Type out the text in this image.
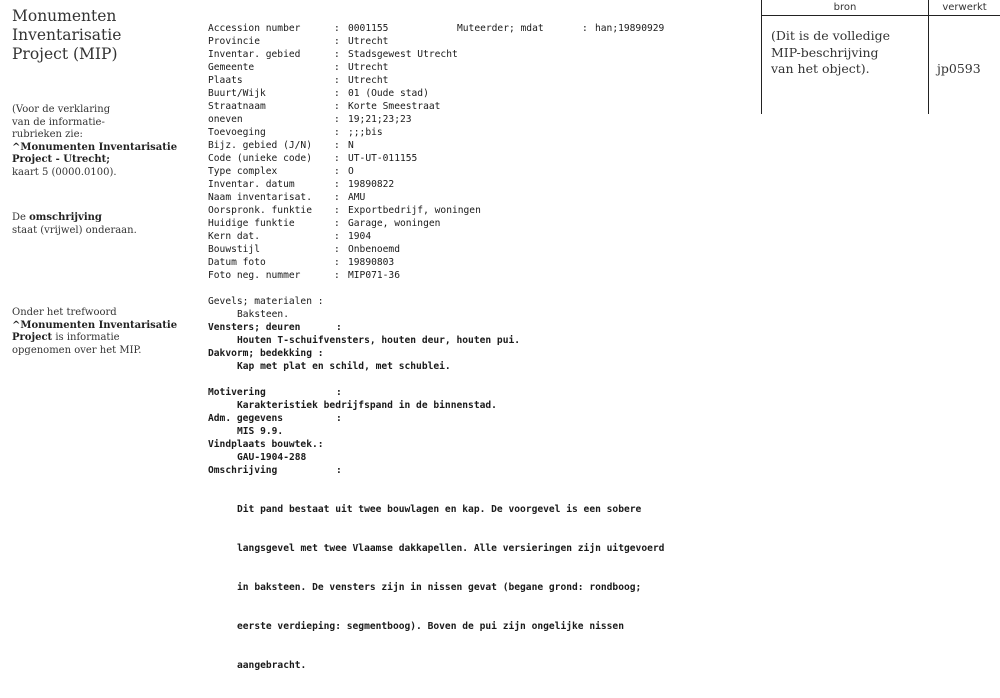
Monumenten
Inventarisatie
Project (MIP)
(Voor de verklaring
van de informatie-
rubrieken zie:
^Monumenten Inventarisatie
Project - Utrecht;
kaart 5 (0000.0100).
De omschrijving
staat (vrijwel) onderaan.
Onder het trefwoord
^Monumenten Inventarisatie
Project is informatie
opgenomen over het MIP.
bron	verwerkt
(Dit is de volledige
MIP-beschrijving
van het object).	jp0593
Muteerder; mdat	: han;19890929
Accession number	: 0001155
Provincie	: Utrecht
Inventar. gebied	: Stadsgewest Utrecht
Gemeente	: Utrecht
Plaats	: Utrecht
Buurt/Wijk	: 01 (Oude stad)
Straatnaam	: Korte Smeestraat
oneven	: 19;21;23;23
Toevoeging	: ;;;bis
Bijz. gebied (J/N) : N
Code (unieke code) : UT-UT-011155
Type complex	: O
Inventar. datum	: 19890822
Naam inventarisat. : AMU
Oorspronk. funktie : Exportbedrijf, woningen
Huidige funktie	: Garage, woningen
Kern dat.	: 1904
Bouwstijl	: Onbenoemd
Datum foto	: 19890803
Foto neg. nummer	: MIP071-36
Gevels; materialen :
Baksteen.
Vensters; deuren	:
Houten T-schuifvensters, houten deur, houten pui.
Dakvorm; bedekking :
Kap met plat en schild, met schublei.
Motivering	:
Karakteristiek bedrijfspand in de binnenstad.
Adm. gegevens	:
MIS 9.9.
Vindplaats bouwtek.:
GAU-1904-288
Omschrijving	:

Dit pand bestaat uit twee bouwlagen en kap. De voorgevel is een sobere

langsgevel met twee Vlaamse dakkapellen. Alle versieringen zijn uitgevoerd

in baksteen. De vensters zijn in nissen gevat (begane grond: rondboog;

eerste verdieping: segmentboog). Boven de pui zijn ongelijke nissen

aangebracht.
